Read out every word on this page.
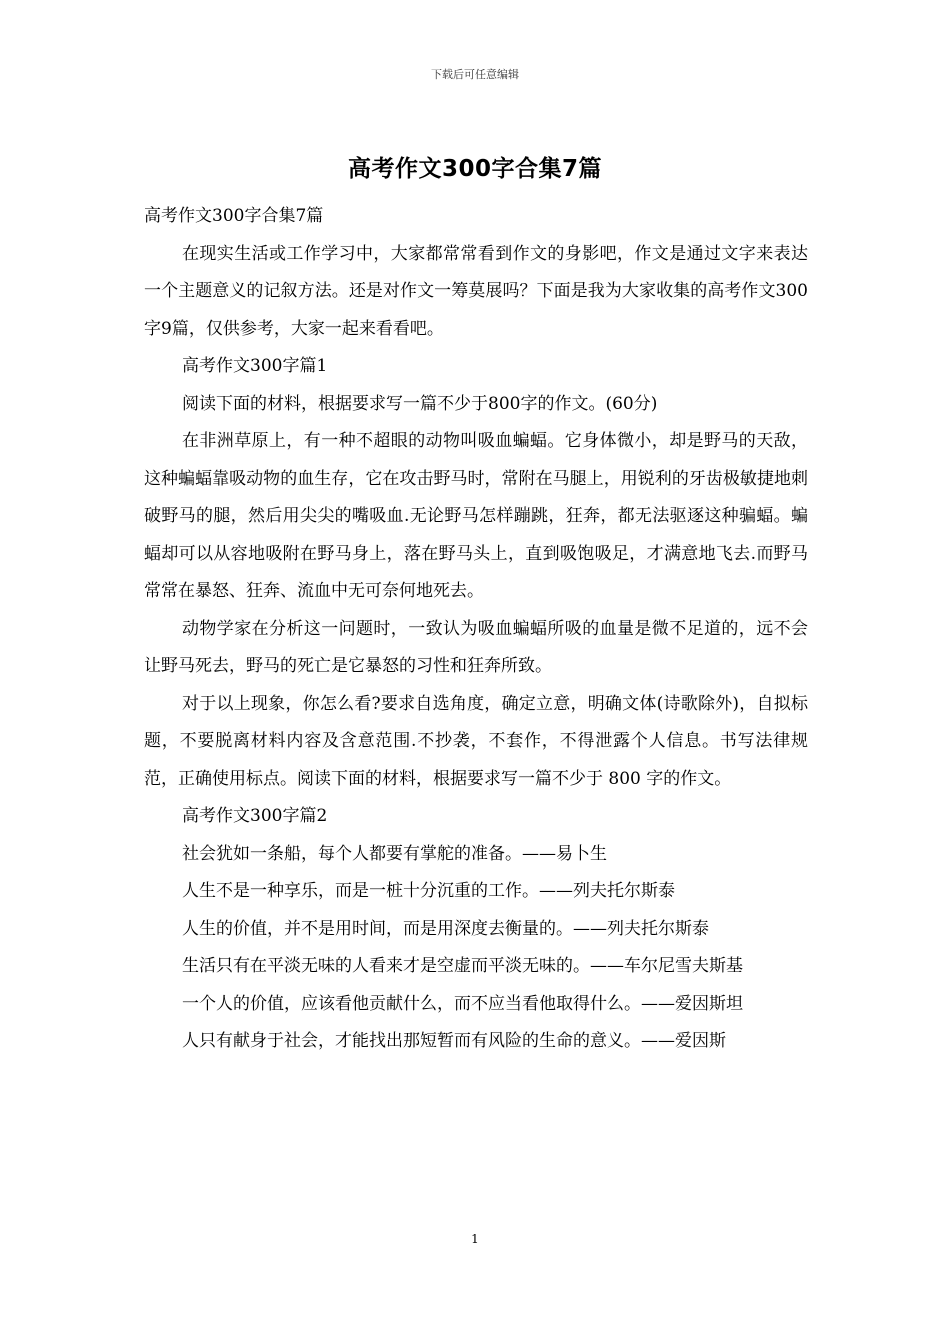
下载后可任意编辑
高考作文300字合集7篇

高考作文300字合集7篇

在现实生活或工作学习中，大家都常常看到作文的身影吧，作文是通过文字来表达一个主题意义的记叙方法。还是对作文一筹莫展吗？下面是我为大家收集的高考作文300字9篇，仅供参考，大家一起来看看吧。

高考作文300字篇1

阅读下面的材料，根据要求写一篇不少于800字的作文。(60分)

在非洲草原上，有一种不超眼的动物叫吸血蝙蝠。它身体微小，却是野马的天敌，这种蝙蝠靠吸动物的血生存，它在攻击野马时，常附在马腿上，用锐利的牙齿极敏捷地刺破野马的腿，然后用尖尖的嘴吸血.无论野马怎样蹦跳，狂奔，都无法驱逐这种骗蝠。蝙蝠却可以从容地吸附在野马身上，落在野马头上，直到吸饱吸足，才满意地飞去.而野马常常在暴怒、狂奔、流血中无可奈何地死去。

动物学家在分析这一问题时，一致认为吸血蝙蝠所吸的血量是微不足道的，远不会让野马死去，野马的死亡是它暴怒的习性和狂奔所致。

对于以上现象，你怎么看?要求自选角度，确定立意，明确文体(诗歌除外)，自拟标题，不要脱离材料内容及含意范围.不抄袭，不套作，不得泄露个人信息。书写法律规范，正确使用标点。阅读下面的材料，根据要求写一篇不少于 800 字的作文。

高考作文300字篇2

社会犹如一条船，每个人都要有掌舵的准备。——易卜生

人生不是一种享乐，而是一桩十分沉重的工作。——列夫托尔斯泰

人生的价值，并不是用时间，而是用深度去衡量的。——列夫托尔斯泰

生活只有在平淡无味的人看来才是空虚而平淡无味的。——车尔尼雪夫斯基

一个人的价值，应该看他贡献什么，而不应当看他取得什么。——爱因斯坦

人只有献身于社会，才能找出那短暂而有风险的生命的意义。——爱因斯

1
